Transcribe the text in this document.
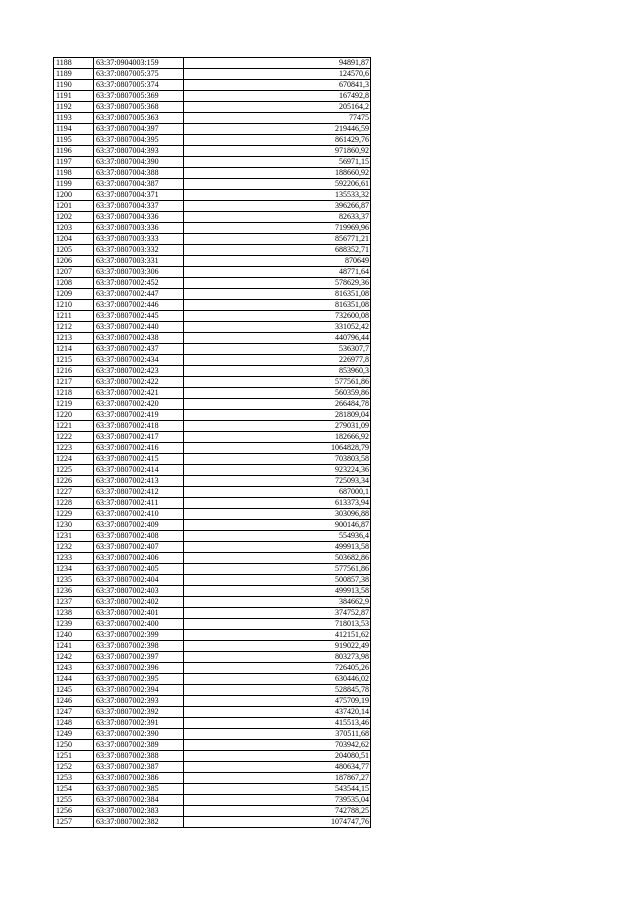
1188	63:37:0904003:159	94891,87
1189	63:37:0807005:375	124570,6
1190	63:37:0807005:374	670841,3
1191	63:37:0807005:369	167492,8
1192	63:37:0807005:368	205164,2
1193	63:37:0807005:363	77475
1194	63:37:0807004:397	219446,59
1195	63:37:0807004:395	861429,76
1196	63:37:0807004:393	971860,92
1197	63:37:0807004:390	56971,15
1198	63:37:0807004:388	188660,92
1199	63:37:0807004:387	592206,61
1200	63:37:0807004:371	135533,32
1201	63:37:0807004:337	396266,87
1202	63:37:0807004:336	82633,37
1203	63:37:0807003:336	719969,96
1204	63:37:0807003:333	856771,21
1205	63:37:0807003:332	688352,71
1206	63:37:0807003:331	870649
1207	63:37:0807003:306	48771,64
1208	63:37:0807002:452	578629,36
1209	63:37:0807002:447	816351,08
1210	63:37:0807002:446	816351,08
1211	63:37:0807002:445	732600,08
1212	63:37:0807002:440	331052,42
1213	63:37:0807002:438	440796,44
1214	63:37:0807002:437	536307,7
1215	63:37:0807002:434	226977,8
1216	63:37:0807002:423	853960,3
1217	63:37:0807002:422	577561,86
1218	63:37:0807002:421	560359,86
1219	63:37:0807002:420	266484,78
1220	63:37:0807002:419	281809,04
1221	63:37:0807002:418	279031,09
1222	63:37:0807002:417	182666,92
1223	63:37:0807002:416	1064828,79
1224	63:37:0807002:415	703803,58
1225	63:37:0807002:414	923224,36
1226	63:37:0807002:413	725093,34
1227	63:37:0807002:412	687000,1
1228	63:37:0807002:411	613373,94
1229	63:37:0807002:410	303096,88
1230	63:37:0807002:409	900146,87
1231	63:37:0807002:408	554936,4
1232	63:37:0807002:407	499913,58
1233	63:37:0807002:406	503682,86
1234	63:37:0807002:405	577561,86
1235	63:37:0807002:404	500857,38
1236	63:37:0807002:403	499913,58
1237	63:37:0807002:402	384662,9
1238	63:37:0807002:401	374752,87
1239	63:37:0807002:400	718013,53
1240	63:37:0807002:399	412151,62
1241	63:37:0807002:398	919022,49
1242	63:37:0807002:397	803273,98
1243	63:37:0807002:396	726405,26
1244	63:37:0807002:395	630446,02
1245	63:37:0807002:394	528845,78
1246	63:37:0807002:393	475709,19
1247	63:37:0807002:392	437420,14
1248	63:37:0807002:391	415513,46
1249	63:37:0807002:390	370511,68
1250	63:37:0807002:389	703942,62
1251	63:37:0807002:388	204080,51
1252	63:37:0807002:387	480634,77
1253	63:37:0807002:386	187867,27
1254	63:37:0807002:385	543544,15
1255	63:37:0807002:384	739535,04
1256	63:37:0807002:383	742788,25
1257	63:37:0807002:382	1074747,76
